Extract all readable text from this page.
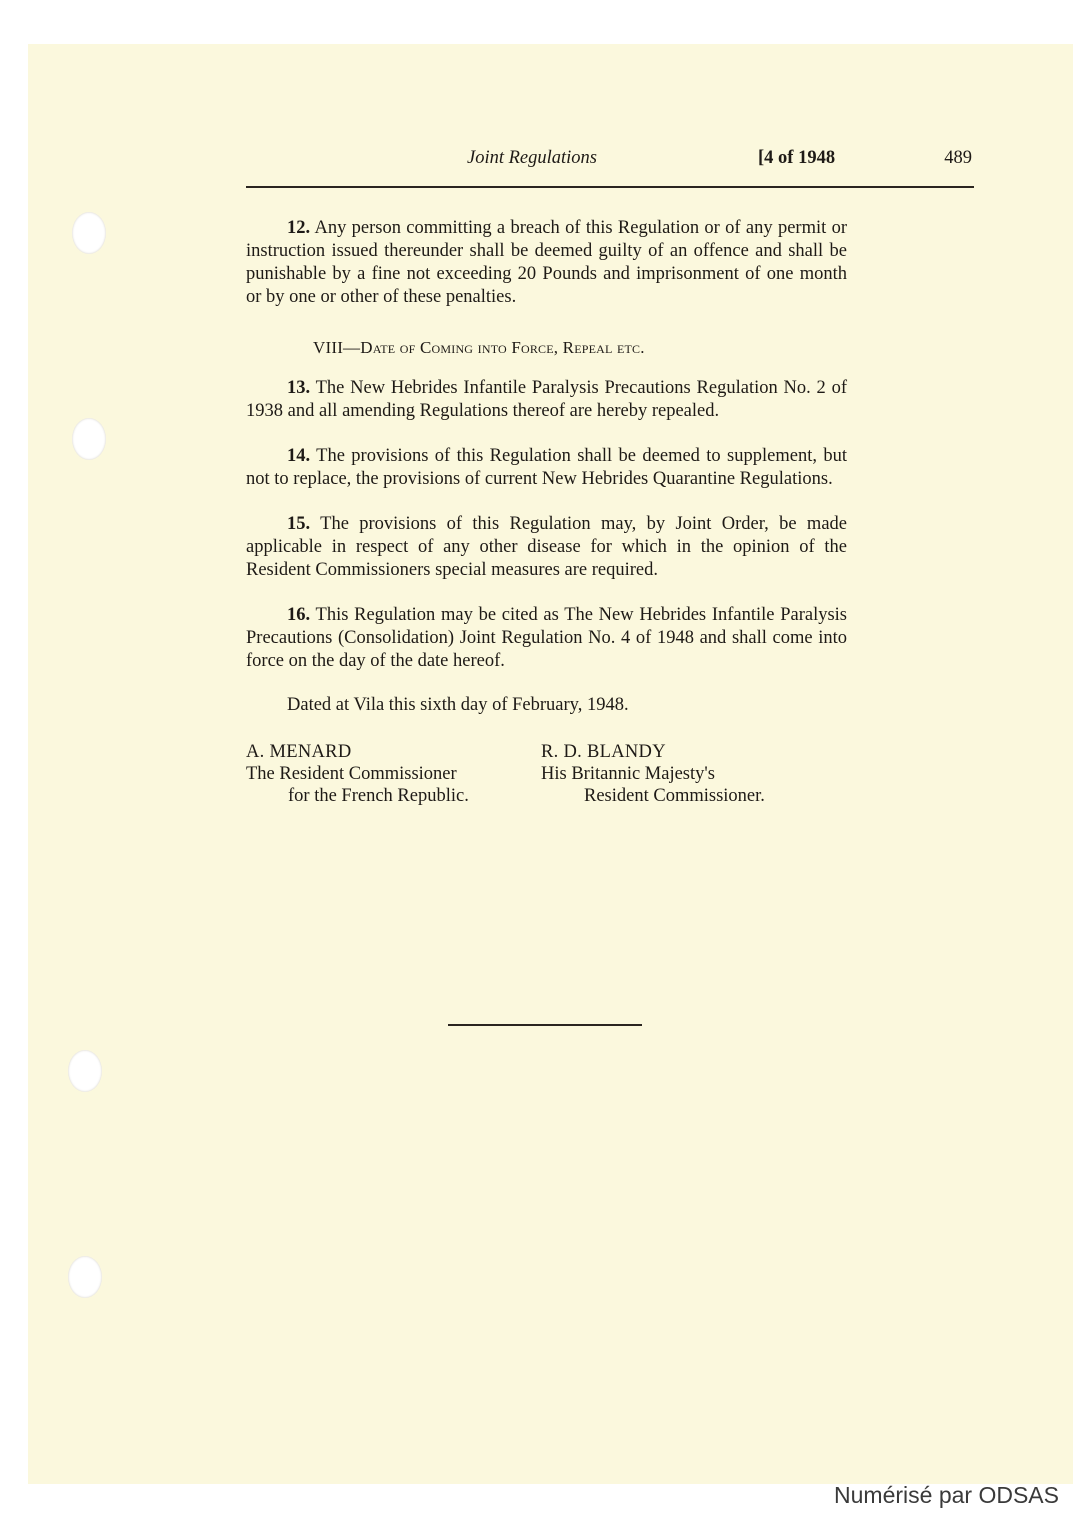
Joint Regulations	[4 of 1948	489

12. Any person committing a breach of this Regulation or of any permit or instruction issued thereunder shall be deemed guilty of an offence and shall be punishable by a fine not exceeding 20 Pounds and imprisonment of one month or by one or other of these penalties.

VIII—Date of Coming into Force, Repeal etc.

13. The New Hebrides Infantile Paralysis Precautions Regulation No. 2 of 1938 and all amending Regulations thereof are hereby repealed.

14. The provisions of this Regulation shall be deemed to supplement, but not to replace, the provisions of current New Hebrides Quarantine Regulations.

15. The provisions of this Regulation may, by Joint Order, be made applicable in respect of any other disease for which in the opinion of the Resident Commissioners special measures are required.

16. This Regulation may be cited as The New Hebrides Infantile Paralysis Precautions (Consolidation) Joint Regulation No. 4 of 1948 and shall come into force on the day of the date hereof.

Dated at Vila this sixth day of February, 1948.
A. MENARD
The Resident Commissioner
for the French Republic.
R. D. BLANDY
His Britannic Majesty's
Resident Commissioner.
Numérisé par ODSAS
